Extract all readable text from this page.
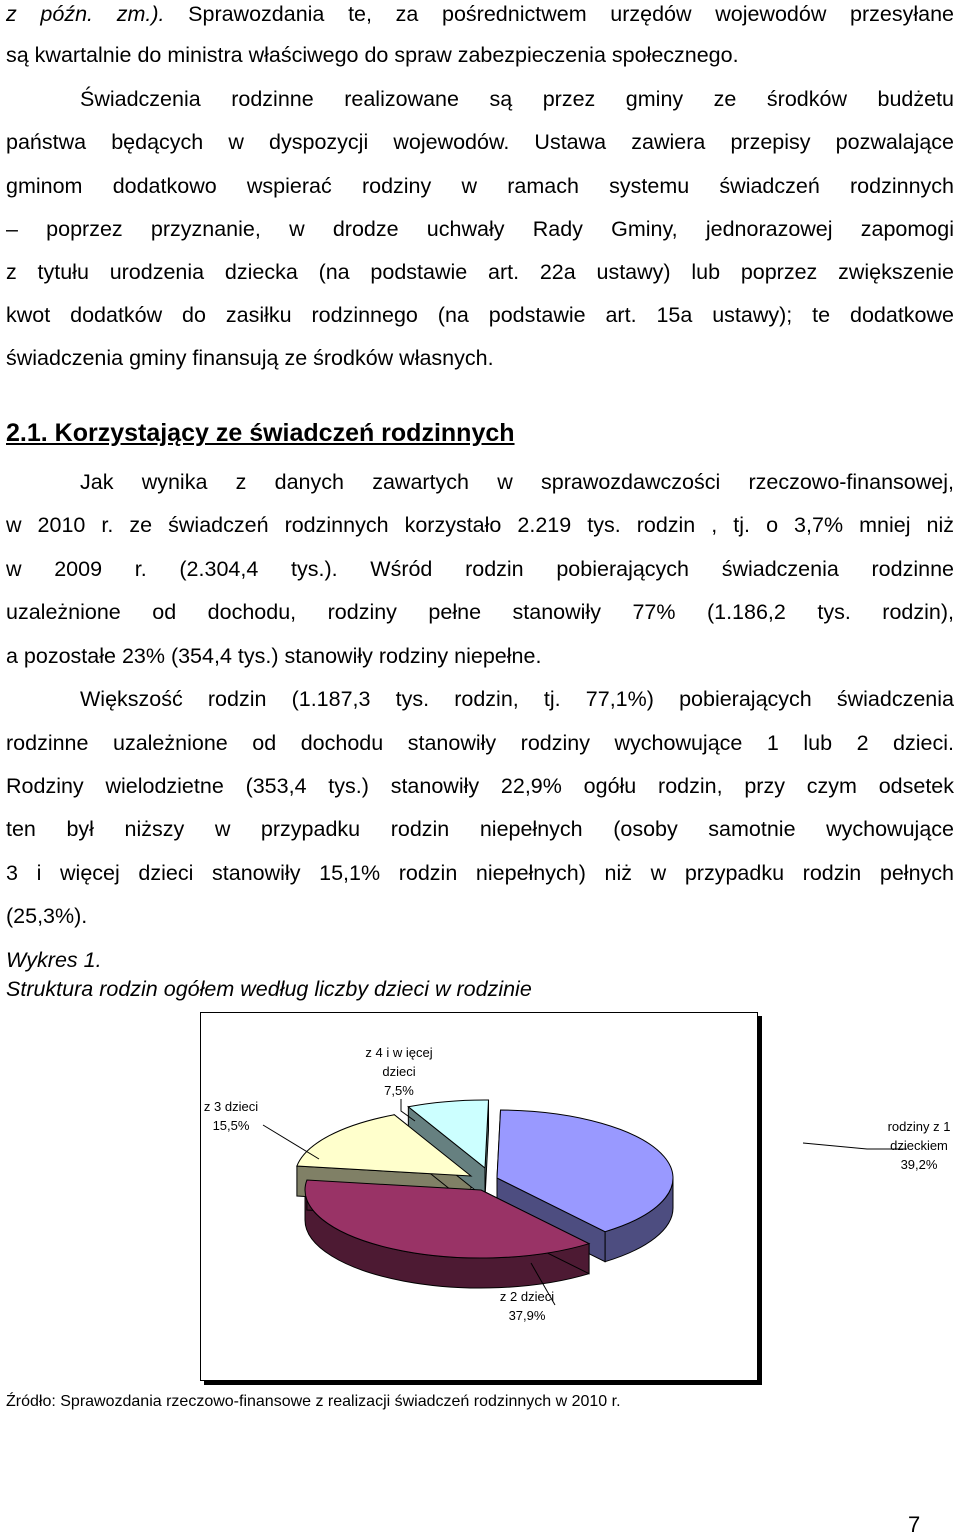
z późn. zm.). Sprawozdania te, za pośrednictwem urzędów wojewodów przesyłane
są kwartalnie do ministra właściwego do spraw zabezpieczenia społecznego.
Świadczenia rodzinne realizowane są przez gminy ze środków budżetu
państwa będących w dyspozycji wojewodów. Ustawa zawiera przepisy pozwalające
gminom dodatkowo wspierać rodziny w ramach systemu świadczeń rodzinnych
– poprzez przyznanie, w drodze uchwały Rady Gminy, jednorazowej zapomogi
z tytułu urodzenia dziecka (na podstawie art. 22a ustawy) lub poprzez zwiększenie
kwot dodatków do zasiłku rodzinnego (na podstawie art. 15a ustawy); te dodatkowe
świadczenia gminy finansują ze środków własnych.
2.1. Korzystający ze świadczeń rodzinnych
Jak wynika z danych zawartych w sprawozdawczości rzeczowo-finansowej,
w 2010 r. ze świadczeń rodzinnych korzystało 2.219 tys. rodzin , tj. o 3,7% mniej niż
w 2009 r. (2.304,4 tys.). Wśród rodzin pobierających świadczenia rodzinne
uzależnione od dochodu, rodziny pełne stanowiły 77% (1.186,2 tys. rodzin),
a pozostałe 23% (354,4 tys.) stanowiły rodziny niepełne.
Większość rodzin (1.187,3 tys. rodzin, tj. 77,1%) pobierających świadczenia
rodzinne uzależnione od dochodu stanowiły rodziny wychowujące 1 lub 2 dzieci.
Rodziny wielodzietne (353,4 tys.) stanowiły 22,9% ogółu rodzin, przy czym odsetek
ten był niższy w przypadku rodzin niepełnych (osoby samotnie wychowujące
3 i więcej dzieci stanowiły 15,1% rodzin niepełnych) niż w przypadku rodzin pełnych
(25,3%).
Wykres 1.
Struktura rodzin ogółem według liczby dzieci w rodzinie
rodziny z 1 dzieckiem 39,2%
z 2 dzieci 37,9%
z 3 dzieci 15,5%
z 4 i w ięcej dzieci 7,5%
Źródło: Sprawozdania rzeczowo-finansowe z realizacji świadczeń rodzinnych w 2010 r.
7
